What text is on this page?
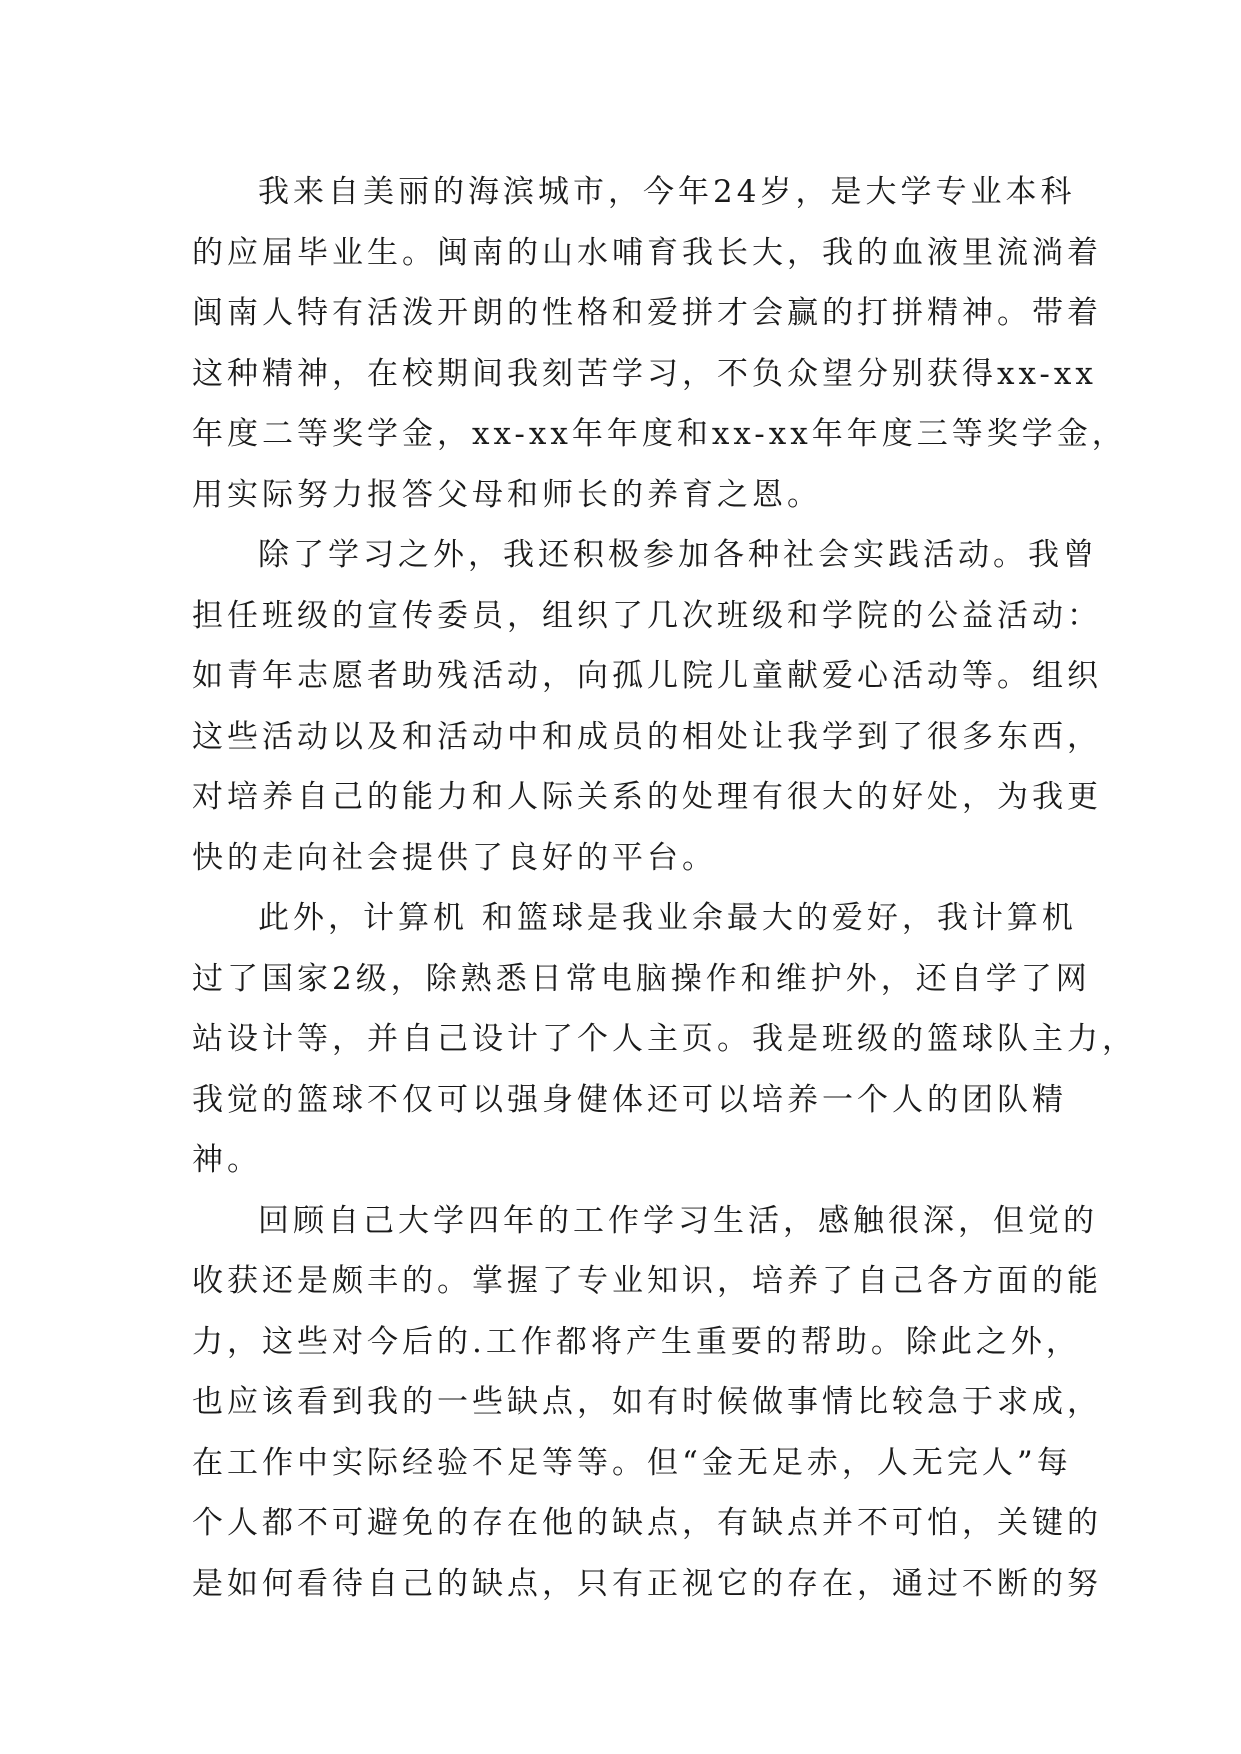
我来自美丽的海滨城市，今年24岁，是大学专业本科
的应届毕业生。闽南的山水哺育我长大，我的血液里流淌着
闽南人特有活泼开朗的性格和爱拼才会赢的打拼精神。带着
这种精神，在校期间我刻苦学习，不负众望分别获得xx-xx
年度二等奖学金，xx-xx年年度和xx-xx年年度三等奖学金，
用实际努力报答父母和师长的养育之恩。
除了学习之外，我还积极参加各种社会实践活动。我曾
担任班级的宣传委员，组织了几次班级和学院的公益活动：
如青年志愿者助残活动，向孤儿院儿童献爱心活动等。组织
这些活动以及和活动中和成员的相处让我学到了很多东西，
对培养自己的能力和人际关系的处理有很大的好处，为我更
快的走向社会提供了良好的平台。
此外，计算机 和篮球是我业余最大的爱好，我计算机
过了国家2级，除熟悉日常电脑操作和维护外，还自学了网
站设计等，并自己设计了个人主页。我是班级的篮球队主力，
我觉的篮球不仅可以强身健体还可以培养一个人的团队精
神。
回顾自己大学四年的工作学习生活，感触很深，但觉的
收获还是颇丰的。掌握了专业知识，培养了自己各方面的能
力，这些对今后的.工作都将产生重要的帮助。除此之外，
也应该看到我的一些缺点，如有时候做事情比较急于求成，
在工作中实际经验不足等等。但“金无足赤，人无完人”每
个人都不可避免的存在他的缺点，有缺点并不可怕，关键的
是如何看待自己的缺点，只有正视它的存在，通过不断的努
